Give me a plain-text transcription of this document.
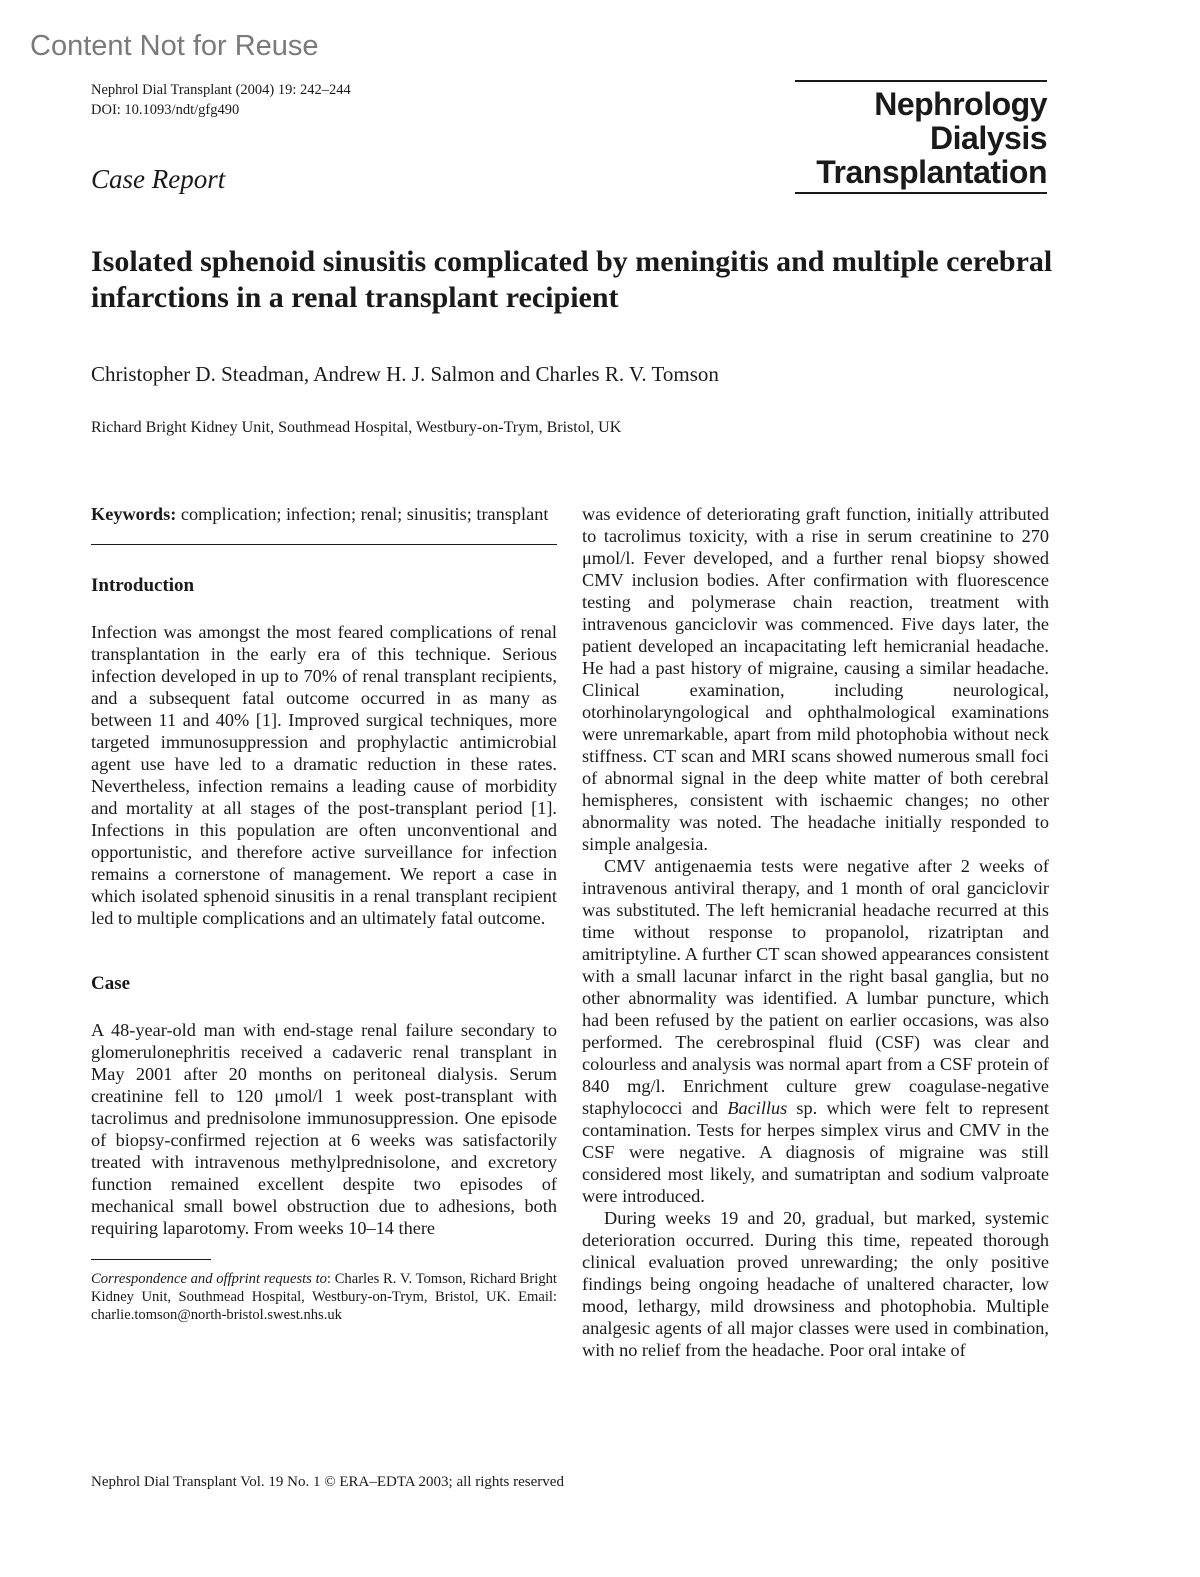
Content Not for Reuse
Nephrol Dial Transplant (2004) 19: 242–244
DOI: 10.1093/ndt/gfg490	Nephrology
Dialysis
Transplantation
Case Report
Isolated sphenoid sinusitis complicated by meningitis and multiple cerebral infarctions in a renal transplant recipient
Christopher D. Steadman, Andrew H. J. Salmon and Charles R. V. Tomson
Richard Bright Kidney Unit, Southmead Hospital, Westbury-on-Trym, Bristol, UK

Keywords: complication; infection; renal; sinusitis; transplant

Introduction

Infection was amongst the most feared complications of renal transplantation in the early era of this technique. Serious infection developed in up to 70% of renal transplant recipients, and a subsequent fatal outcome occurred in as many as between 11 and 40% [1]. Improved surgical techniques, more targeted immunosuppression and prophylactic antimicrobial agent use have led to a dramatic reduction in these rates. Nevertheless, infection remains a leading cause of morbidity and mortality at all stages of the post-transplant period [1]. Infections in this population are often unconventional and opportunistic, and therefore active surveillance for infection remains a cornerstone of management. We report a case in which isolated sphenoid sinusitis in a renal transplant recipient led to multiple complications and an ultimately fatal outcome.

Case

A 48-year-old man with end-stage renal failure secondary to glomerulonephritis received a cadaveric renal transplant in May 2001 after 20 months on peritoneal dialysis. Serum creatinine fell to 120 μmol/l 1 week post-transplant with tacrolimus and prednisolone immunosuppression. One episode of biopsy-confirmed rejection at 6 weeks was satisfactorily treated with intravenous methylprednisolone, and excretory function remained excellent despite two episodes of mechanical small bowel obstruction due to adhesions, both requiring laparotomy. From weeks 10–14 there

Correspondence and offprint requests to: Charles R. V. Tomson, Richard Bright Kidney Unit, Southmead Hospital, Westbury-on-Trym, Bristol, UK. Email: charlie.tomson@north-bristol.swest.nhs.uk

was evidence of deteriorating graft function, initially attributed to tacrolimus toxicity, with a rise in serum creatinine to 270 μmol/l. Fever developed, and a further renal biopsy showed CMV inclusion bodies. After confirmation with fluorescence testing and polymerase chain reaction, treatment with intravenous ganciclovir was commenced. Five days later, the patient developed an incapacitating left hemicranial headache. He had a past history of migraine, causing a similar headache. Clinical examination, including neurological, otorhinolaryngological and ophthalmological examinations were unremarkable, apart from mild photophobia without neck stiffness. CT scan and MRI scans showed numerous small foci of abnormal signal in the deep white matter of both cerebral hemispheres, consistent with ischaemic changes; no other abnormality was noted. The headache initially responded to simple analgesia.

CMV antigenaemia tests were negative after 2 weeks of intravenous antiviral therapy, and 1 month of oral ganciclovir was substituted. The left hemicranial headache recurred at this time without response to propanolol, rizatriptan and amitriptyline. A further CT scan showed appearances consistent with a small lacunar infarct in the right basal ganglia, but no other abnormality was identified. A lumbar puncture, which had been refused by the patient on earlier occasions, was also performed. The cerebrospinal fluid (CSF) was clear and colourless and analysis was normal apart from a CSF protein of 840 mg/l. Enrichment culture grew coagulase-negative staphylococci and Bacillus sp. which were felt to represent contamination. Tests for herpes simplex virus and CMV in the CSF were negative. A diagnosis of migraine was still considered most likely, and sumatriptan and sodium valproate were introduced.

During weeks 19 and 20, gradual, but marked, systemic deterioration occurred. During this time, repeated thorough clinical evaluation proved unrewarding; the only positive findings being ongoing headache of unaltered character, low mood, lethargy, mild drowsiness and photophobia. Multiple analgesic agents of all major classes were used in combination, with no relief from the headache. Poor oral intake of

Nephrol Dial Transplant Vol. 19 No. 1 © ERA–EDTA 2003; all rights reserved
